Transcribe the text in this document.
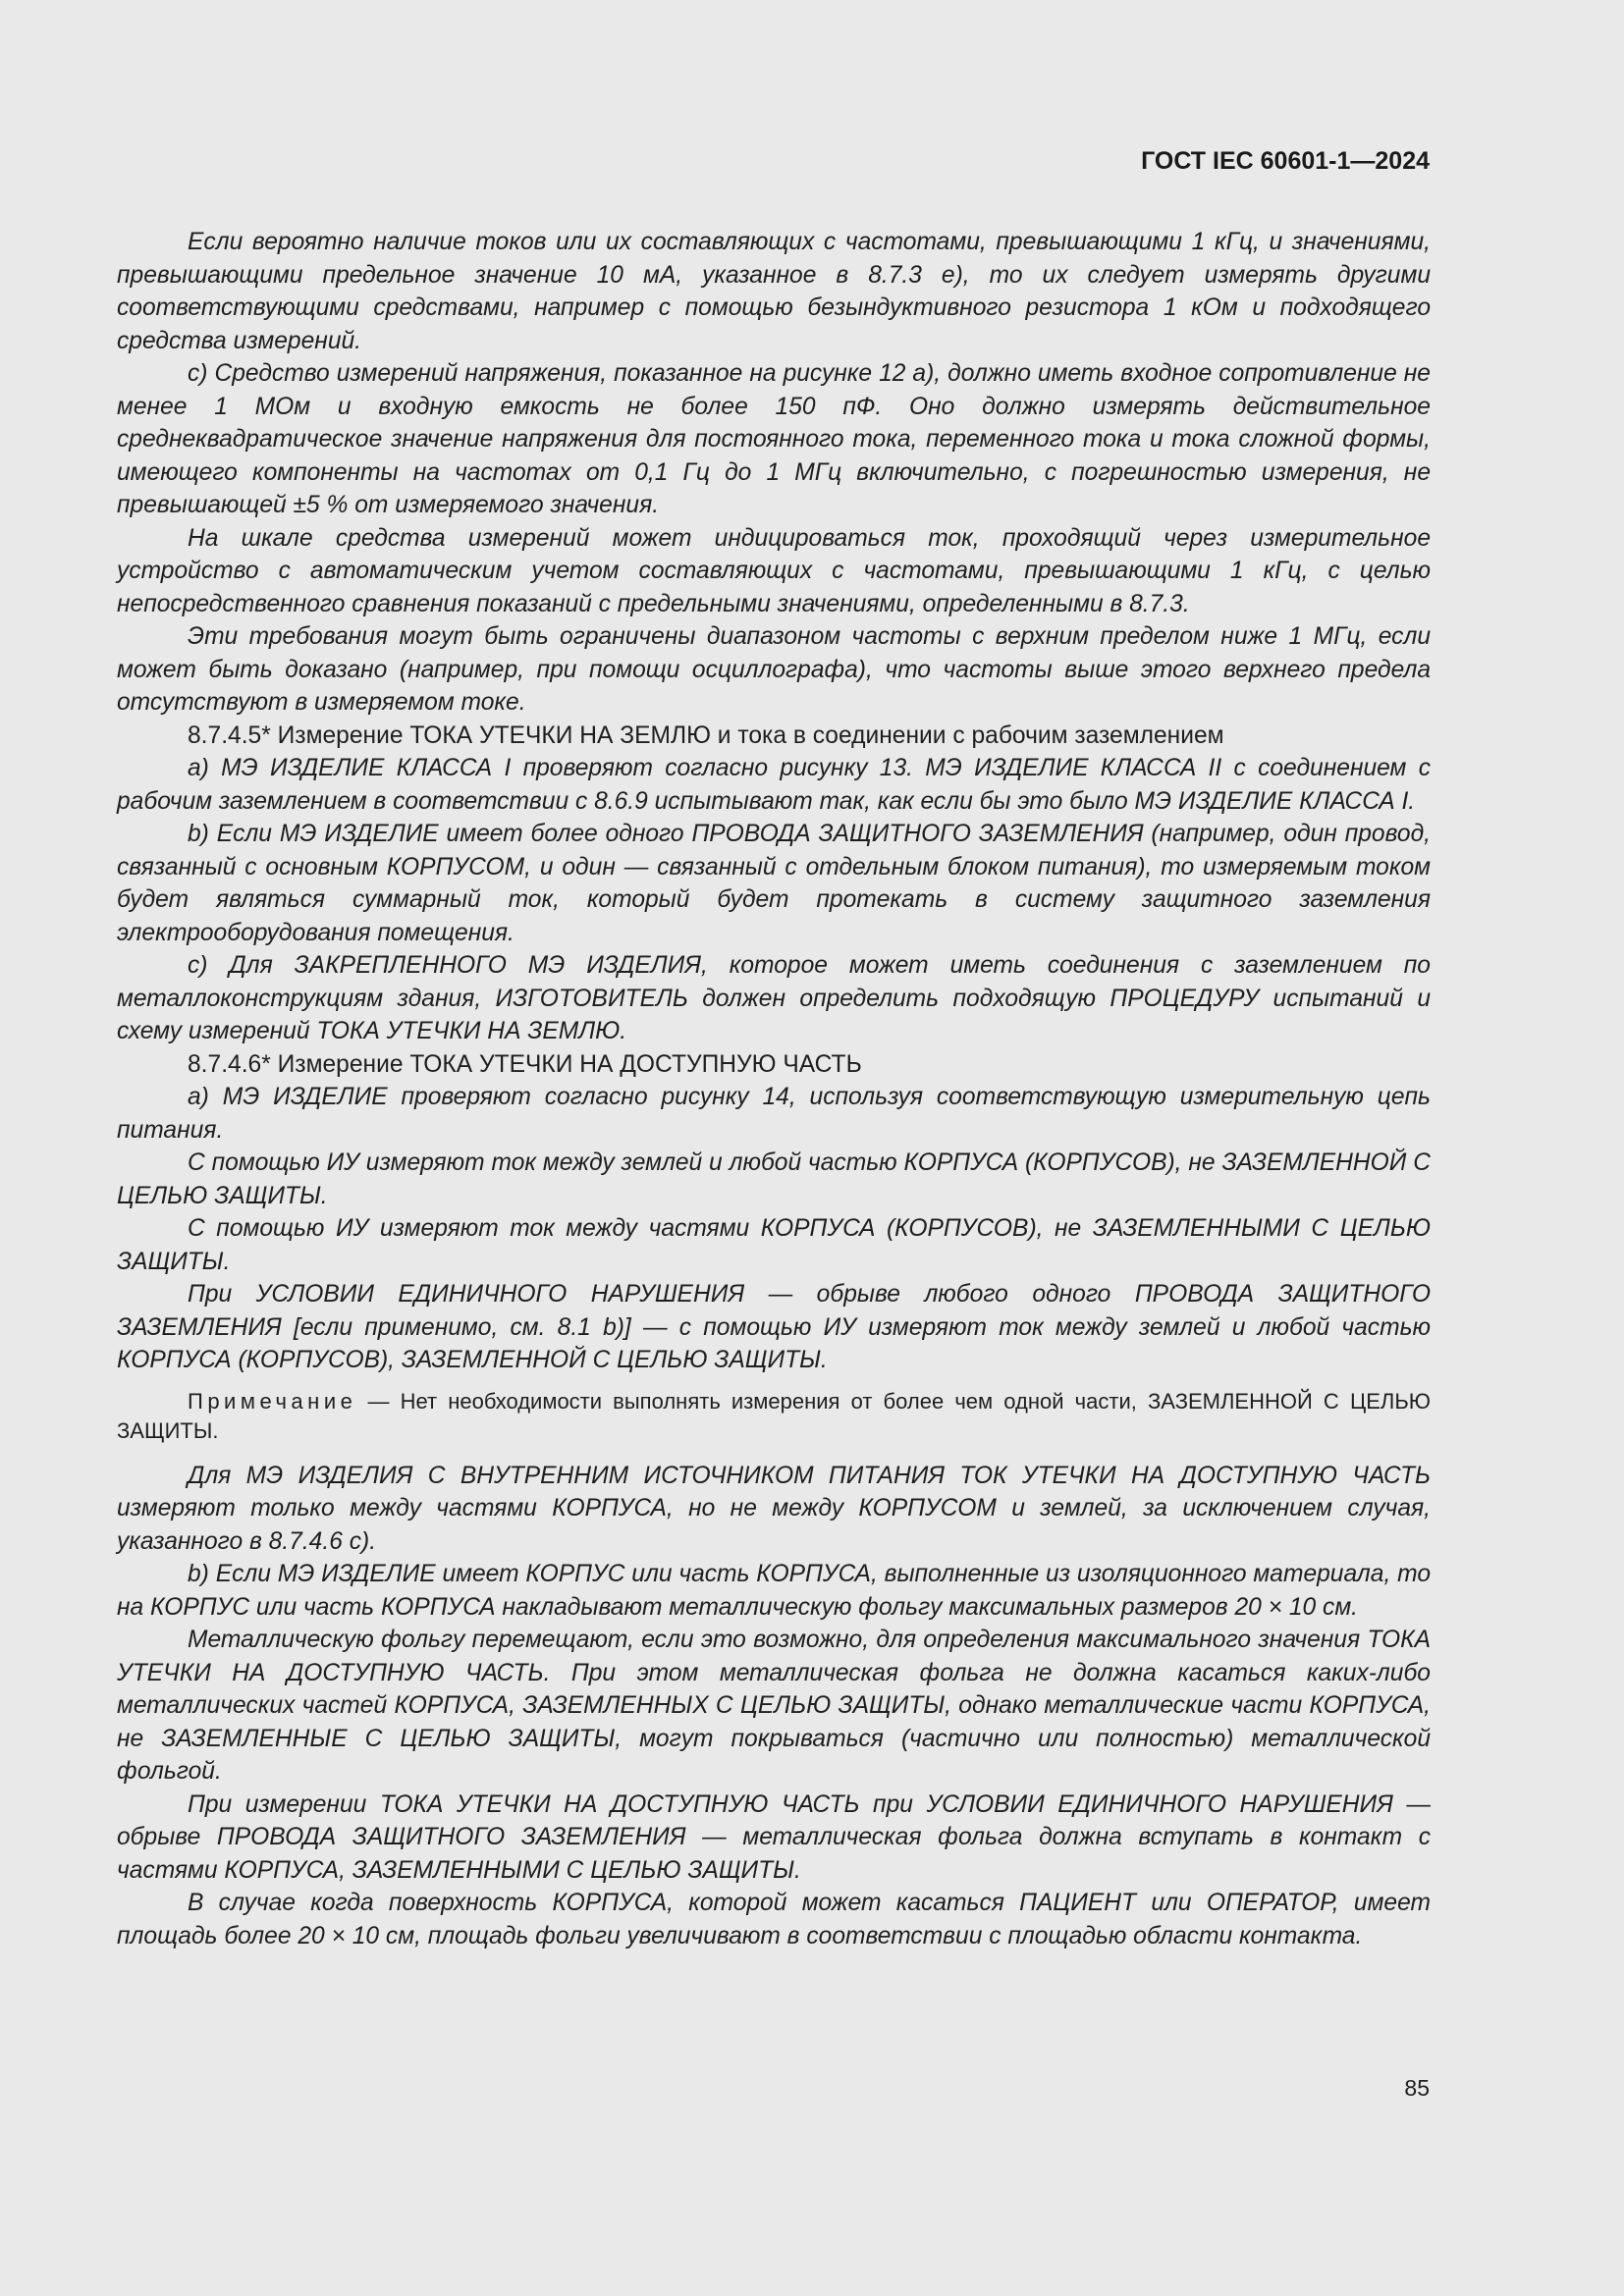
ГОСТ IEC 60601-1—2024

Если вероятно наличие токов или их составляющих с частотами, превышающими 1 кГц, и значениями, превышающими предельное значение 10 мА, указанное в 8.7.3 е), то их следует измерять другими соответствующими средствами, например с помощью безындуктивного резистора 1 кОм и подходящего средства измерений.

с) Средство измерений напряжения, показанное на рисунке 12 а), должно иметь входное сопротивление не менее 1 МОм и входную емкость не более 150 пФ. Оно должно измерять действительное среднеквадратическое значение напряжения для постоянного тока, переменного тока и тока сложной формы, имеющего компоненты на частотах от 0,1 Гц до 1 МГц включительно, с погрешностью измерения, не превышающей ±5 % от измеряемого значения.

На шкале средства измерений может индицироваться ток, проходящий через измерительное устройство с автоматическим учетом составляющих с частотами, превышающими 1 кГц, с целью непосредственного сравнения показаний с предельными значениями, определенными в 8.7.3.

Эти требования могут быть ограничены диапазоном частоты с верхним пределом ниже 1 МГц, если может быть доказано (например, при помощи осциллографа), что частоты выше этого верхнего предела отсутствуют в измеряемом токе.

8.7.4.5* Измерение ТОКА УТЕЧКИ НА ЗЕМЛЮ и тока в соединении с рабочим заземлением

а) МЭ ИЗДЕЛИЕ КЛАССА I проверяют согласно рисунку 13. МЭ ИЗДЕЛИЕ КЛАССА II с соединением с рабочим заземлением в соответствии с 8.6.9 испытывают так, как если бы это было МЭ ИЗДЕЛИЕ КЛАССА I.

b) Если МЭ ИЗДЕЛИЕ имеет более одного ПРОВОДА ЗАЩИТНОГО ЗАЗЕМЛЕНИЯ (например, один провод, связанный с основным КОРПУСОМ, и один — связанный с отдельным блоком питания), то измеряемым током будет являться суммарный ток, который будет протекать в систему защитного заземления электрооборудования помещения.

с) Для ЗАКРЕПЛЕННОГО МЭ ИЗДЕЛИЯ, которое может иметь соединения с заземлением по металлоконструкциям здания, ИЗГОТОВИТЕЛЬ должен определить подходящую ПРОЦЕДУРУ испытаний и схему измерений ТОКА УТЕЧКИ НА ЗЕМЛЮ.

8.7.4.6* Измерение ТОКА УТЕЧКИ НА ДОСТУПНУЮ ЧАСТЬ

а) МЭ ИЗДЕЛИЕ проверяют согласно рисунку 14, используя соответствующую измерительную цепь питания.

С помощью ИУ измеряют ток между землей и любой частью КОРПУСА (КОРПУСОВ), не ЗАЗЕМЛЕННОЙ С ЦЕЛЬЮ ЗАЩИТЫ.

С помощью ИУ измеряют ток между частями КОРПУСА (КОРПУСОВ), не ЗАЗЕМЛЕННЫМИ С ЦЕЛЬЮ ЗАЩИТЫ.

При УСЛОВИИ ЕДИНИЧНОГО НАРУШЕНИЯ — обрыве любого одного ПРОВОДА ЗАЩИТНОГО ЗАЗЕМЛЕНИЯ [если применимо, см. 8.1 b)] — с помощью ИУ измеряют ток между землей и любой частью КОРПУСА (КОРПУСОВ), ЗАЗЕМЛЕННОЙ С ЦЕЛЬЮ ЗАЩИТЫ.

Примечание — Нет необходимости выполнять измерения от более чем одной части, ЗАЗЕМЛЕННОЙ С ЦЕЛЬЮ ЗАЩИТЫ.

Для МЭ ИЗДЕЛИЯ С ВНУТРЕННИМ ИСТОЧНИКОМ ПИТАНИЯ ТОК УТЕЧКИ НА ДОСТУПНУЮ ЧАСТЬ измеряют только между частями КОРПУСА, но не между КОРПУСОМ и землей, за исключением случая, указанного в 8.7.4.6 с).

b) Если МЭ ИЗДЕЛИЕ имеет КОРПУС или часть КОРПУСА, выполненные из изоляционного материала, то на КОРПУС или часть КОРПУСА накладывают металлическую фольгу максимальных размеров 20 × 10 см.

Металлическую фольгу перемещают, если это возможно, для определения максимального значения ТОКА УТЕЧКИ НА ДОСТУПНУЮ ЧАСТЬ. При этом металлическая фольга не должна касаться каких-либо металлических частей КОРПУСА, ЗАЗЕМЛЕННЫХ С ЦЕЛЬЮ ЗАЩИТЫ, однако металлические части КОРПУСА, не ЗАЗЕМЛЕННЫЕ С ЦЕЛЬЮ ЗАЩИТЫ, могут покрываться (частично или полностью) металлической фольгой.

При измерении ТОКА УТЕЧКИ НА ДОСТУПНУЮ ЧАСТЬ при УСЛОВИИ ЕДИНИЧНОГО НАРУШЕНИЯ — обрыве ПРОВОДА ЗАЩИТНОГО ЗАЗЕМЛЕНИЯ — металлическая фольга должна вступать в контакт с частями КОРПУСА, ЗАЗЕМЛЕННЫМИ С ЦЕЛЬЮ ЗАЩИТЫ.

В случае когда поверхность КОРПУСА, которой может касаться ПАЦИЕНТ или ОПЕРАТОР, имеет площадь более 20 × 10 см, площадь фольги увеличивают в соответствии с площадью области контакта.

85
